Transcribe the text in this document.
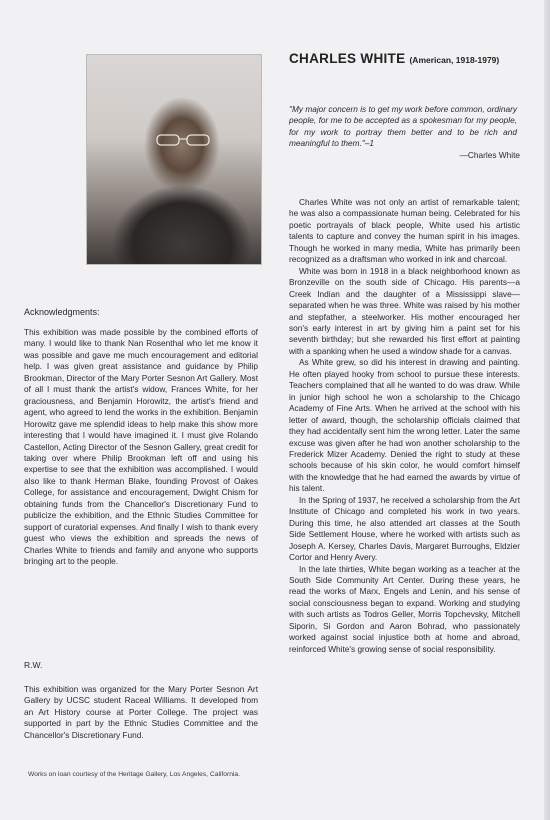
CHARLES WHITE (American, 1918-1979)
"My major concern is to get my work before common, ordinary people, for me to be accepted as a spokesman for my people, for my work to portray them better and to be rich and meaningful to them."–1
—Charles White

Charles White was not only an artist of remarkable talent; he was also a compassionate human being. Celebrated for his poetic portrayals of black people, White used his artistic talents to capture and convey the human spirit in his images. Though he worked in many media, White has primarily been recognized as a draftsman who worked in ink and charcoal.

White was born in 1918 in a black neighborhood known as Bronzeville on the south side of Chicago. His parents—a Creek Indian and the daughter of a Mississippi slave— separated when he was three. White was raised by his mother and stepfather, a steelworker. His mother encouraged her son's early interest in art by giving him a paint set for his seventh birthday; but she rewarded his first effort at painting with a spanking when he used a window shade for a canvas.

As White grew, so did his interest in drawing and painting. He often played hooky from school to pursue these interests. Teachers complained that all he wanted to do was draw. While in junior high school he won a scholarship to the Chicago Academy of Fine Arts. When he arrived at the school with his letter of award, though, the scholarship officials claimed that they had accidentally sent him the wrong letter. Later the same excuse was given after he had won another scholarship to the Frederick Mizer Academy. Denied the right to study at these schools because of his skin color, he would comfort himself with the knowledge that he had earned the awards by virtue of his talent.

In the Spring of 1937, he received a scholarship from the Art Institute of Chicago and completed his work in two years. During this time, he also attended art classes at the South Side Settlement House, where he worked with artists such as Joseph A. Kersey, Charles Davis, Margaret Burroughs, Eldzier Cortor and Henry Avery.

In the late thirties, White began working as a teacher at the South Side Community Art Center. During these years, he read the works of Marx, Engels and Lenin, and his sense of social consciousness began to expand. Working and studying with such artists as Todros Geller, Morris Topchevsky, Mitchell Siporin, Si Gordon and Aaron Bohrad, who passionately worked against social injustice both at home and abroad, reinforced White's growing sense of social responsibility.

Acknowledgments:

This exhibition was made possible by the combined efforts of many. I would like to thank Nan Rosenthal who let me know it was possible and gave me much encouragement and editorial help. I was given great assistance and guidance by Philip Brookman, Director of the Mary Porter Sesnon Art Gallery. Most of all I must thank the artist's widow, Frances White, for her graciousness, and Benjamin Horowitz, the artist's friend and agent, who agreed to lend the works in the exhibition. Benjamin Horowitz gave me splendid ideas to help make this show more interesting that I would have imagined it. I must give Rolando Castellon, Acting Director of the Sesnon Gallery, great credit for taking over where Philip Brookman left off and using his expertise to see that the exhibition was accomplished. I would also like to thank Herman Blake, founding Provost of Oakes College, for assistance and encouragement, Dwight Chism for obtaining funds from the Chancellor's Discretionary Fund to publicize the exhibition, and the Ethnic Studies Committee for support of curatorial expenses. And finally I wish to thank every guest who views the exhibition and spreads the news of Charles White to friends and family and anyone who supports bringing art to the people.

R.W.
This exhibition was organized for the Mary Porter Sesnon Art Gallery by UCSC student Raceal Williams. It developed from an Art History course at Porter College. The project was supported in part by the Ethnic Studies Committee and the Chancellor's Discretionary Fund.
Works on loan courtesy of the Heritage Gallery, Los Angeles, California.
